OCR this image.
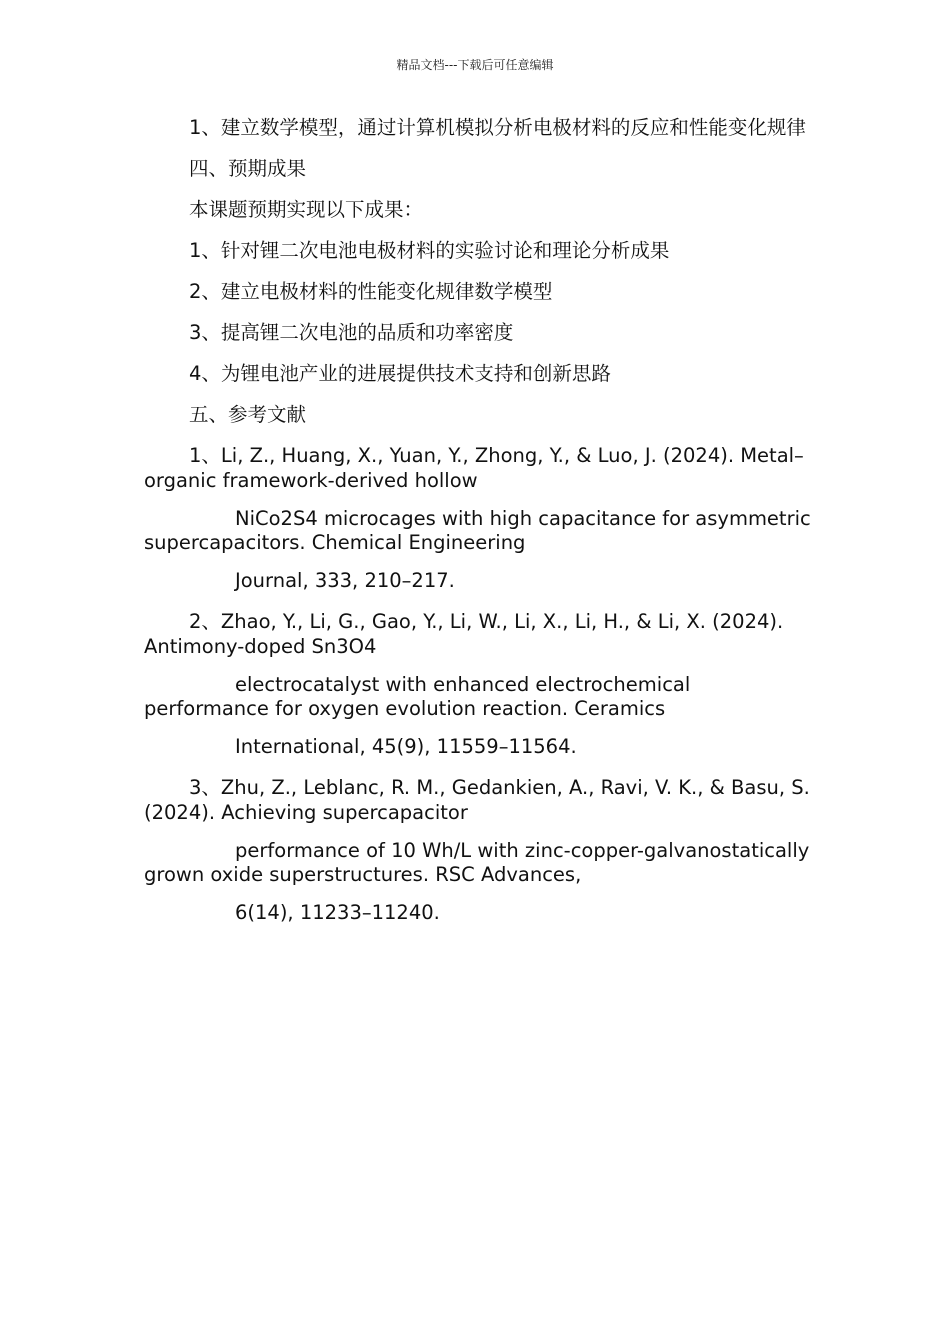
精品文档---下载后可任意编辑

1、建立数学模型，通过计算机模拟分析电极材料的反应和性能变化规律

四、预期成果

本课题预期实现以下成果：

1、针对锂二次电池电极材料的实验讨论和理论分析成果

2、建立电极材料的性能变化规律数学模型

3、提高锂二次电池的品质和功率密度

4、为锂电池产业的进展提供技术支持和创新思路

五、参考文献

1、Li, Z., Huang, X., Yuan, Y., Zhong, Y., & Luo, J. (2024). Metal–organic framework-derived hollow

NiCo2S4 microcages with high capacitance for asymmetric supercapacitors. Chemical Engineering

Journal, 333, 210–217.

2、Zhao, Y., Li, G., Gao, Y., Li, W., Li, X., Li, H., & Li, X. (2024). Antimony-doped Sn3O4

electrocatalyst with enhanced electrochemical performance for oxygen evolution reaction. Ceramics

International, 45(9), 11559–11564.

3、Zhu, Z., Leblanc, R. M., Gedankien, A., Ravi, V. K., & Basu, S. (2024). Achieving supercapacitor

performance of 10 Wh/L with zinc-copper-galvanostatically grown oxide superstructures. RSC Advances,

6(14), 11233–11240.
